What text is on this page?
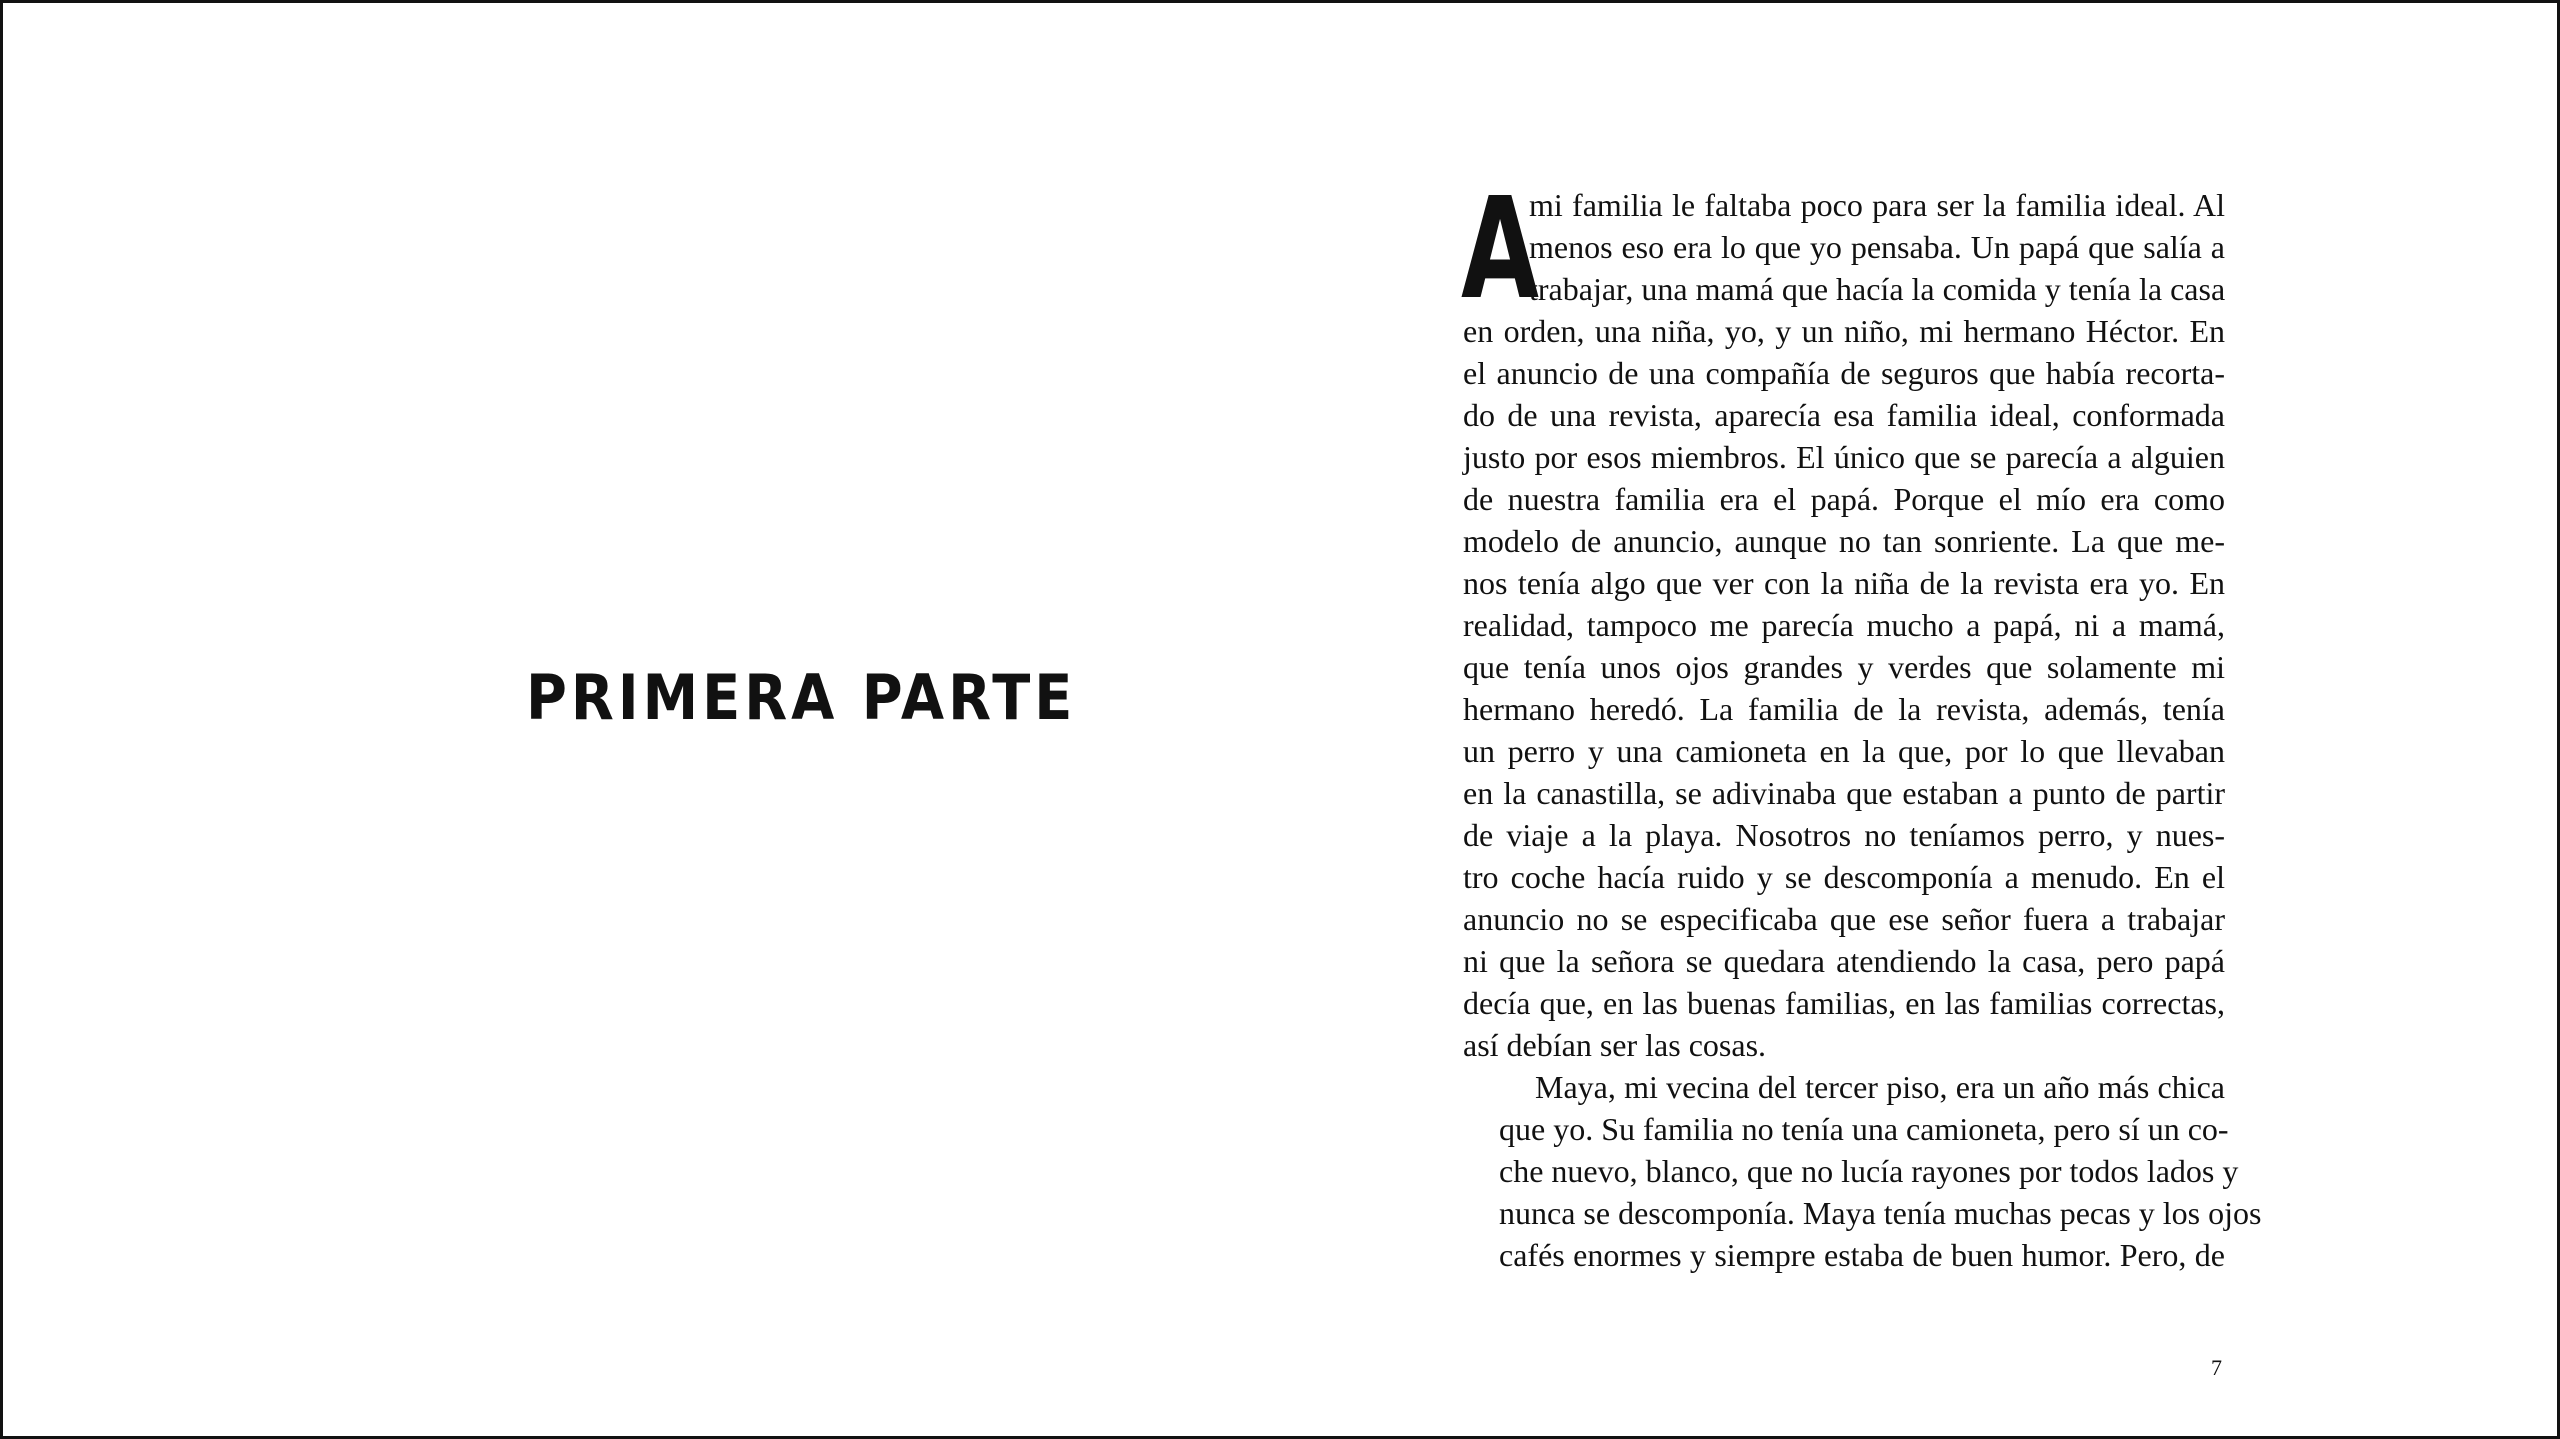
PRIMERA PARTE
A
mi familia le faltaba poco para ser la familia ideal. Al
menos eso era lo que yo pensaba. Un papá que salía a
trabajar, una mamá que hacía la comida y tenía la casa
en orden, una niña, yo, y un niño, mi hermano Héctor. En
el anuncio de una compañía de seguros que había recorta-
do de una revista, aparecía esa familia ideal, conformada
justo por esos miembros. El único que se parecía a alguien
de nuestra familia era el papá. Porque el mío era como
modelo de anuncio, aunque no tan sonriente. La que me-
nos tenía algo que ver con la niña de la revista era yo. En
realidad, tampoco me parecía mucho a papá, ni a mamá,
que tenía unos ojos grandes y verdes que solamente mi
hermano heredó. La familia de la revista, además, tenía
un perro y una camioneta en la que, por lo que llevaban
en la canastilla, se adivinaba que estaban a punto de partir
de viaje a la playa. Nosotros no teníamos perro, y nues-
tro coche hacía ruido y se descomponía a menudo. En el
anuncio no se especificaba que ese señor fuera a trabajar
ni que la señora se quedara atendiendo la casa, pero papá
decía que, en las buenas familias, en las familias correctas,
así debían ser las cosas.
Maya, mi vecina del tercer piso, era un año más chica
que yo. Su familia no tenía una camioneta, pero sí un co-
che nuevo, blanco, que no lucía rayones por todos lados y
nunca se descomponía. Maya tenía muchas pecas y los ojos
cafés enormes y siempre estaba de buen humor. Pero, de
7
